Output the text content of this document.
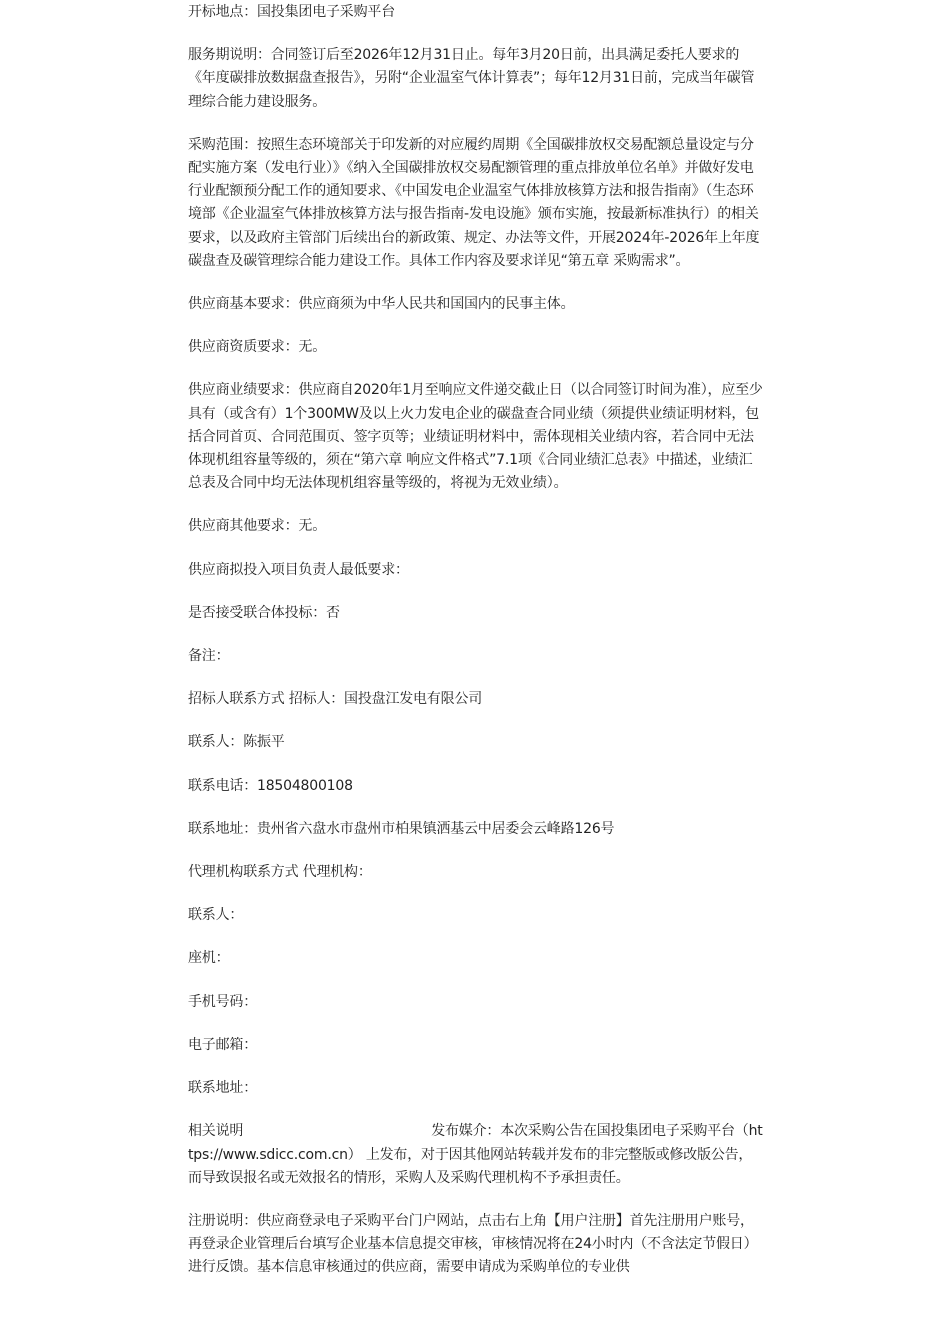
开标地点：国投集团电子采购平台

服务期说明：合同签订后至2026年12月31日止。每年3月20日前，出具满足委托人要求的《年度碳排放数据盘查报告》，另附“企业温室气体计算表”；每年12月31日前，完成当年碳管理综合能力建设服务。

采购范围：按照生态环境部关于印发新的对应履约周期《全国碳排放权交易配额总量设定与分配实施方案（发电行业）》《纳入全国碳排放权交易配额管理的重点排放单位名单》并做好发电行业配额预分配工作的通知要求、《中国发电企业温室气体排放核算方法和报告指南》（生态环境部《企业温室气体排放核算方法与报告指南-发电设施》颁布实施，按最新标准执行）的相关要求，以及政府主管部门后续出台的新政策、规定、办法等文件，开展2024年-2026年上年度碳盘查及碳管理综合能力建设工作。具体工作内容及要求详见“第五章 采购需求”。

供应商基本要求：供应商须为中华人民共和国国内的民事主体。

供应商资质要求：无。

供应商业绩要求：供应商自2020年1月至响应文件递交截止日（以合同签订时间为准），应至少具有（或含有）1个300MW及以上火力发电企业的碳盘查合同业绩（须提供业绩证明材料，包括合同首页、合同范围页、签字页等；业绩证明材料中，需体现相关业绩内容，若合同中无法体现机组容量等级的，须在“第六章 响应文件格式”7.1项《合同业绩汇总表》中描述，业绩汇总表及合同中均无法体现机组容量等级的，将视为无效业绩）。

供应商其他要求：无。

供应商拟投入项目负责人最低要求：

是否接受联合体投标：否

备注：

招标人联系方式 招标人：国投盘江发电有限公司

联系人：陈振平

联系电话：18504800108

联系地址：贵州省六盘水市盘州市柏果镇洒基云中居委会云峰路126号

代理机构联系方式 代理机构：

联系人：

座机：

手机号码：

电子邮箱：

联系地址：

相关说明	发布媒介：本次采购公告在国投集团电子采购平台（https://www.sdicc.com.cn） 上发布，对于因其他网站转载并发布的非完整版或修改版公告，而导致误报名或无效报名的情形，采购人及采购代理机构不予承担责任。

注册说明：供应商登录电子采购平台门户网站，点击右上角【用户注册】首先注册用户账号，再登录企业管理后台填写企业基本信息提交审核，审核情况将在24小时内（不含法定节假日）进行反馈。基本信息审核通过的供应商，需要申请成为采购单位的专业供
